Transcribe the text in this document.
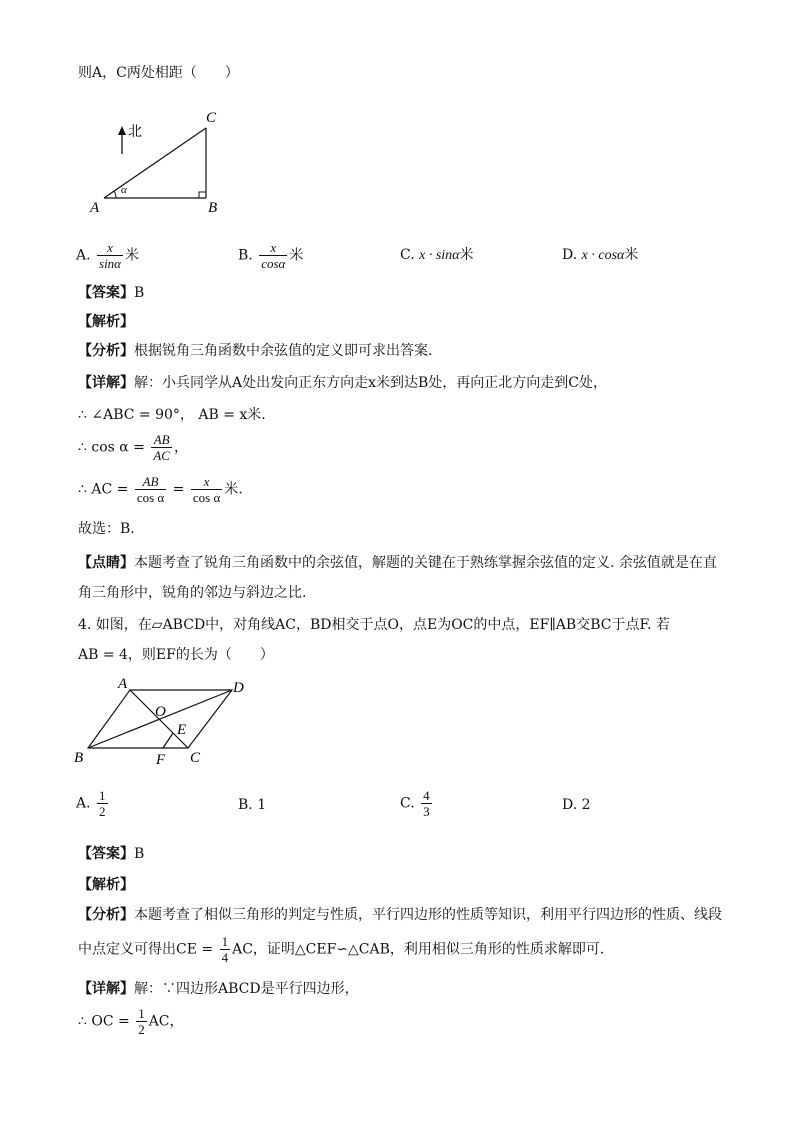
则A，C两处相距（　　）
北
A	B
C
α
A. $\frac{x}{\sin\alpha}$ 米	B. $\frac{x}{\cos\alpha}$ 米	C. x · sinα米	D. x · cosα米
【答案】B
【解析】
【分析】根据锐角三角函数中余弦值的定义即可求出答案.
【详解】解：小兵同学从A处出发向正东方向走x米到达B处，再向正北方向走到C处，
∴ ∠ABC = 90°， AB = x米.
∴ $\cos \alpha = \frac{AB}{AC}$ ，
∴ AC = $\frac{AB}{\text{cos α}} = \frac{x}{\text{cos α}}$ 米.
故选：B．
【点睛】本题考查了锐角三角函数中的余弦值，解题的关键在于熟练掌握余弦值的定义. 余弦值就是在直
角三角形中，锐角的邻边与斜边之比.
4. 如图，在▱ABCD中，对角线AC，BD相交于点O，点E为OC的中点，EF∥AB交BC于点F. 若
AB = 4，则EF的长为（　　）
A
B	C
D
O
E
F
A. $\frac{1}{2}$	B. 1	C. $\frac{4}{3}$	D. 2
【答案】B
【解析】
【分析】本题考查了相似三角形的判定与性质，平行四边形的性质等知识，利用平行四边形的性质、线段
中点定义可得出CE = $\frac{1}{4}$ AC，证明△CEF∽△CAB，利用相似三角形的性质求解即可.
【详解】解：∵四边形ABCD是平行四边形，
∴ OC = $\frac{1}{2}$ AC，
